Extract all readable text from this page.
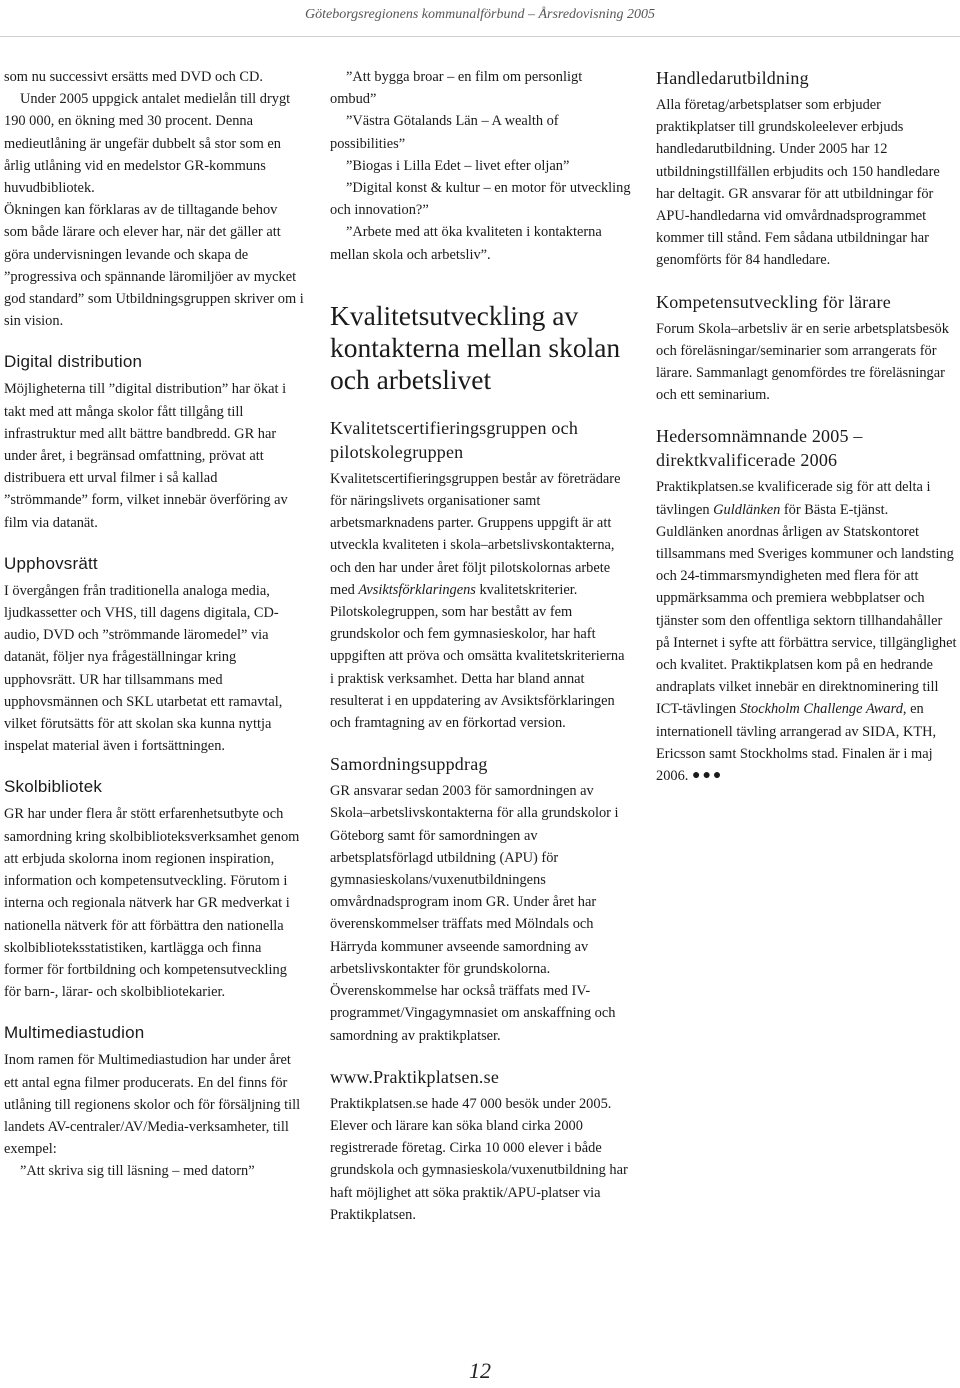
Göteborgsregionens kommunalförbund – Årsredovisning 2005

som nu successivt ersätts med DVD och CD.

Under 2005 uppgick antalet medielån till drygt 190 000, en ökning med 30 procent. Denna medieutlåning är ungefär dubbelt så stor som en årlig utlåning vid en medelstor GR-kommuns huvudbibliotek.

Ökningen kan förklaras av de tilltagande behov som både lärare och elever har, när det gäller att göra undervisningen levande och skapa de ”progressiva och spännande läromiljöer av mycket god standard” som Utbildningsgruppen skriver om i sin vision.

Digital distribution

Möjligheterna till ”digital distribution” har ökat i takt med att många skolor fått tillgång till infrastruktur med allt bättre bandbredd. GR har under året, i begränsad omfattning, prövat att distribuera ett urval filmer i så kallad ”strömmande” form, vilket innebär överföring av film via datanät.

Upphovsrätt

I övergången från traditionella analoga media, ljudkassetter och VHS, till dagens digitala, CD-audio, DVD och ”strömmande läromedel” via datanät, följer nya frågeställningar kring upphovsrätt. UR har tillsammans med upphovsmännen och SKL utarbetat ett ramavtal, vilket förutsätts för att skolan ska kunna nyttja inspelat material även i fortsättningen.

Skolbibliotek

GR har under flera år stött erfarenhetsutbyte och samordning kring skolbiblioteksverksamhet genom att erbjuda skolorna inom regionen inspiration, information och kompetensutveckling. Förutom i interna och regionala nätverk har GR medverkat i nationella nätverk för att förbättra den nationella skolbiblioteksstatistiken, kartlägga och finna former för fortbildning och kompetensutveckling för barn-, lärar- och skolbibliotekarier.

Multimediastudion

Inom ramen för Multimediastudion har under året ett antal egna filmer producerats. En del finns för utlåning till regionens skolor och för försäljning till landets AV-centraler/AV/Media-verksamheter, till exempel:

”Att skriva sig till läsning – med datorn”

”Att bygga broar – en film om personligt ombud”

”Västra Götalands Län – A wealth of possibilities”

”Biogas i Lilla Edet – livet efter oljan”

”Digital konst & kultur – en motor för utveckling och innovation?”

”Arbete med att öka kvaliteten i kontakterna mellan skola och arbetsliv”.

Kvalitetsutveckling av kontakterna mellan skolan och arbetslivet
Kvalitetscertifieringsgruppen och pilotskolegruppen

Kvalitetscertifieringsgruppen består av företrädare för näringslivets organisationer samt arbetsmarknadens parter. Gruppens uppgift är att utveckla kvaliteten i skola–arbetslivskontakterna, och den har under året följt pilotskolornas arbete med Avsiktsförklaringens kvalitetskriterier. Pilotskolegruppen, som har bestått av fem grundskolor och fem gymnasieskolor, har haft uppgiften att pröva och omsätta kvalitetskriterierna i praktisk verksamhet. Detta har bland annat resulterat i en uppdatering av Avsiktsförklaringen och framtagning av en förkortad version.

Samordningsuppdrag

GR ansvarar sedan 2003 för samordningen av Skola–arbetslivskontakterna för alla grundskolor i Göteborg samt för samordningen av arbetsplatsförlagd utbildning (APU) för gymnasieskolans/vuxenutbildningens omvårdnadsprogram inom GR. Under året har överenskommelser träffats med Mölndals och Härryda kommuner avseende samordning av arbetslivskontakter för grundskolorna. Överenskommelse har också träffats med IV-programmet/Vingagymnasiet om anskaffning och samordning av praktikplatser.

www.Praktikplatsen.se

Praktikplatsen.se hade 47 000 besök under 2005. Elever och lärare kan söka bland cirka 2000 registrerade företag. Cirka 10 000 elever i både grundskola och gymnasieskola/vuxenutbildning har haft möjlighet att söka praktik/APU-platser via Praktikplatsen.

Handledarutbildning

Alla företag/arbetsplatser som erbjuder praktikplatser till grundskoleelever erbjuds handledarutbildning. Under 2005 har 12 utbildningstillfällen erbjudits och 150 handledare har deltagit. GR ansvarar för att utbildningar för APU-handledarna vid omvårdnadsprogrammet kommer till stånd. Fem sådana utbildningar har genomförts för 84 handledare.

Kompetensutveckling för lärare

Forum Skola–arbetsliv är en serie arbetsplatsbesök och föreläsningar/seminarier som arrangerats för lärare. Sammanlagt genomfördes tre föreläsningar och ett seminarium.

Hedersomnämnande 2005 – direktkvalificerade 2006

Praktikplatsen.se kvalificerade sig för att delta i tävlingen Guldlänken för Bästa E-tjänst. Guldlänken anordnas årligen av Statskontoret tillsammans med Sveriges kommuner och landsting och 24-timmarsmyndigheten med flera för att uppmärksamma och premiera webbplatser och tjänster som den offentliga sektorn tillhandahåller på Internet i syfte att förbättra service, tillgänglighet och kvalitet. Praktikplatsen kom på en hedrande andraplats vilket innebär en direktnominering till ICT-tävlingen Stockholm Challenge Award, en internationell tävling arrangerad av SIDA, KTH, Ericsson samt Stockholms stad. Finalen är i maj 2006. ●●●

12
